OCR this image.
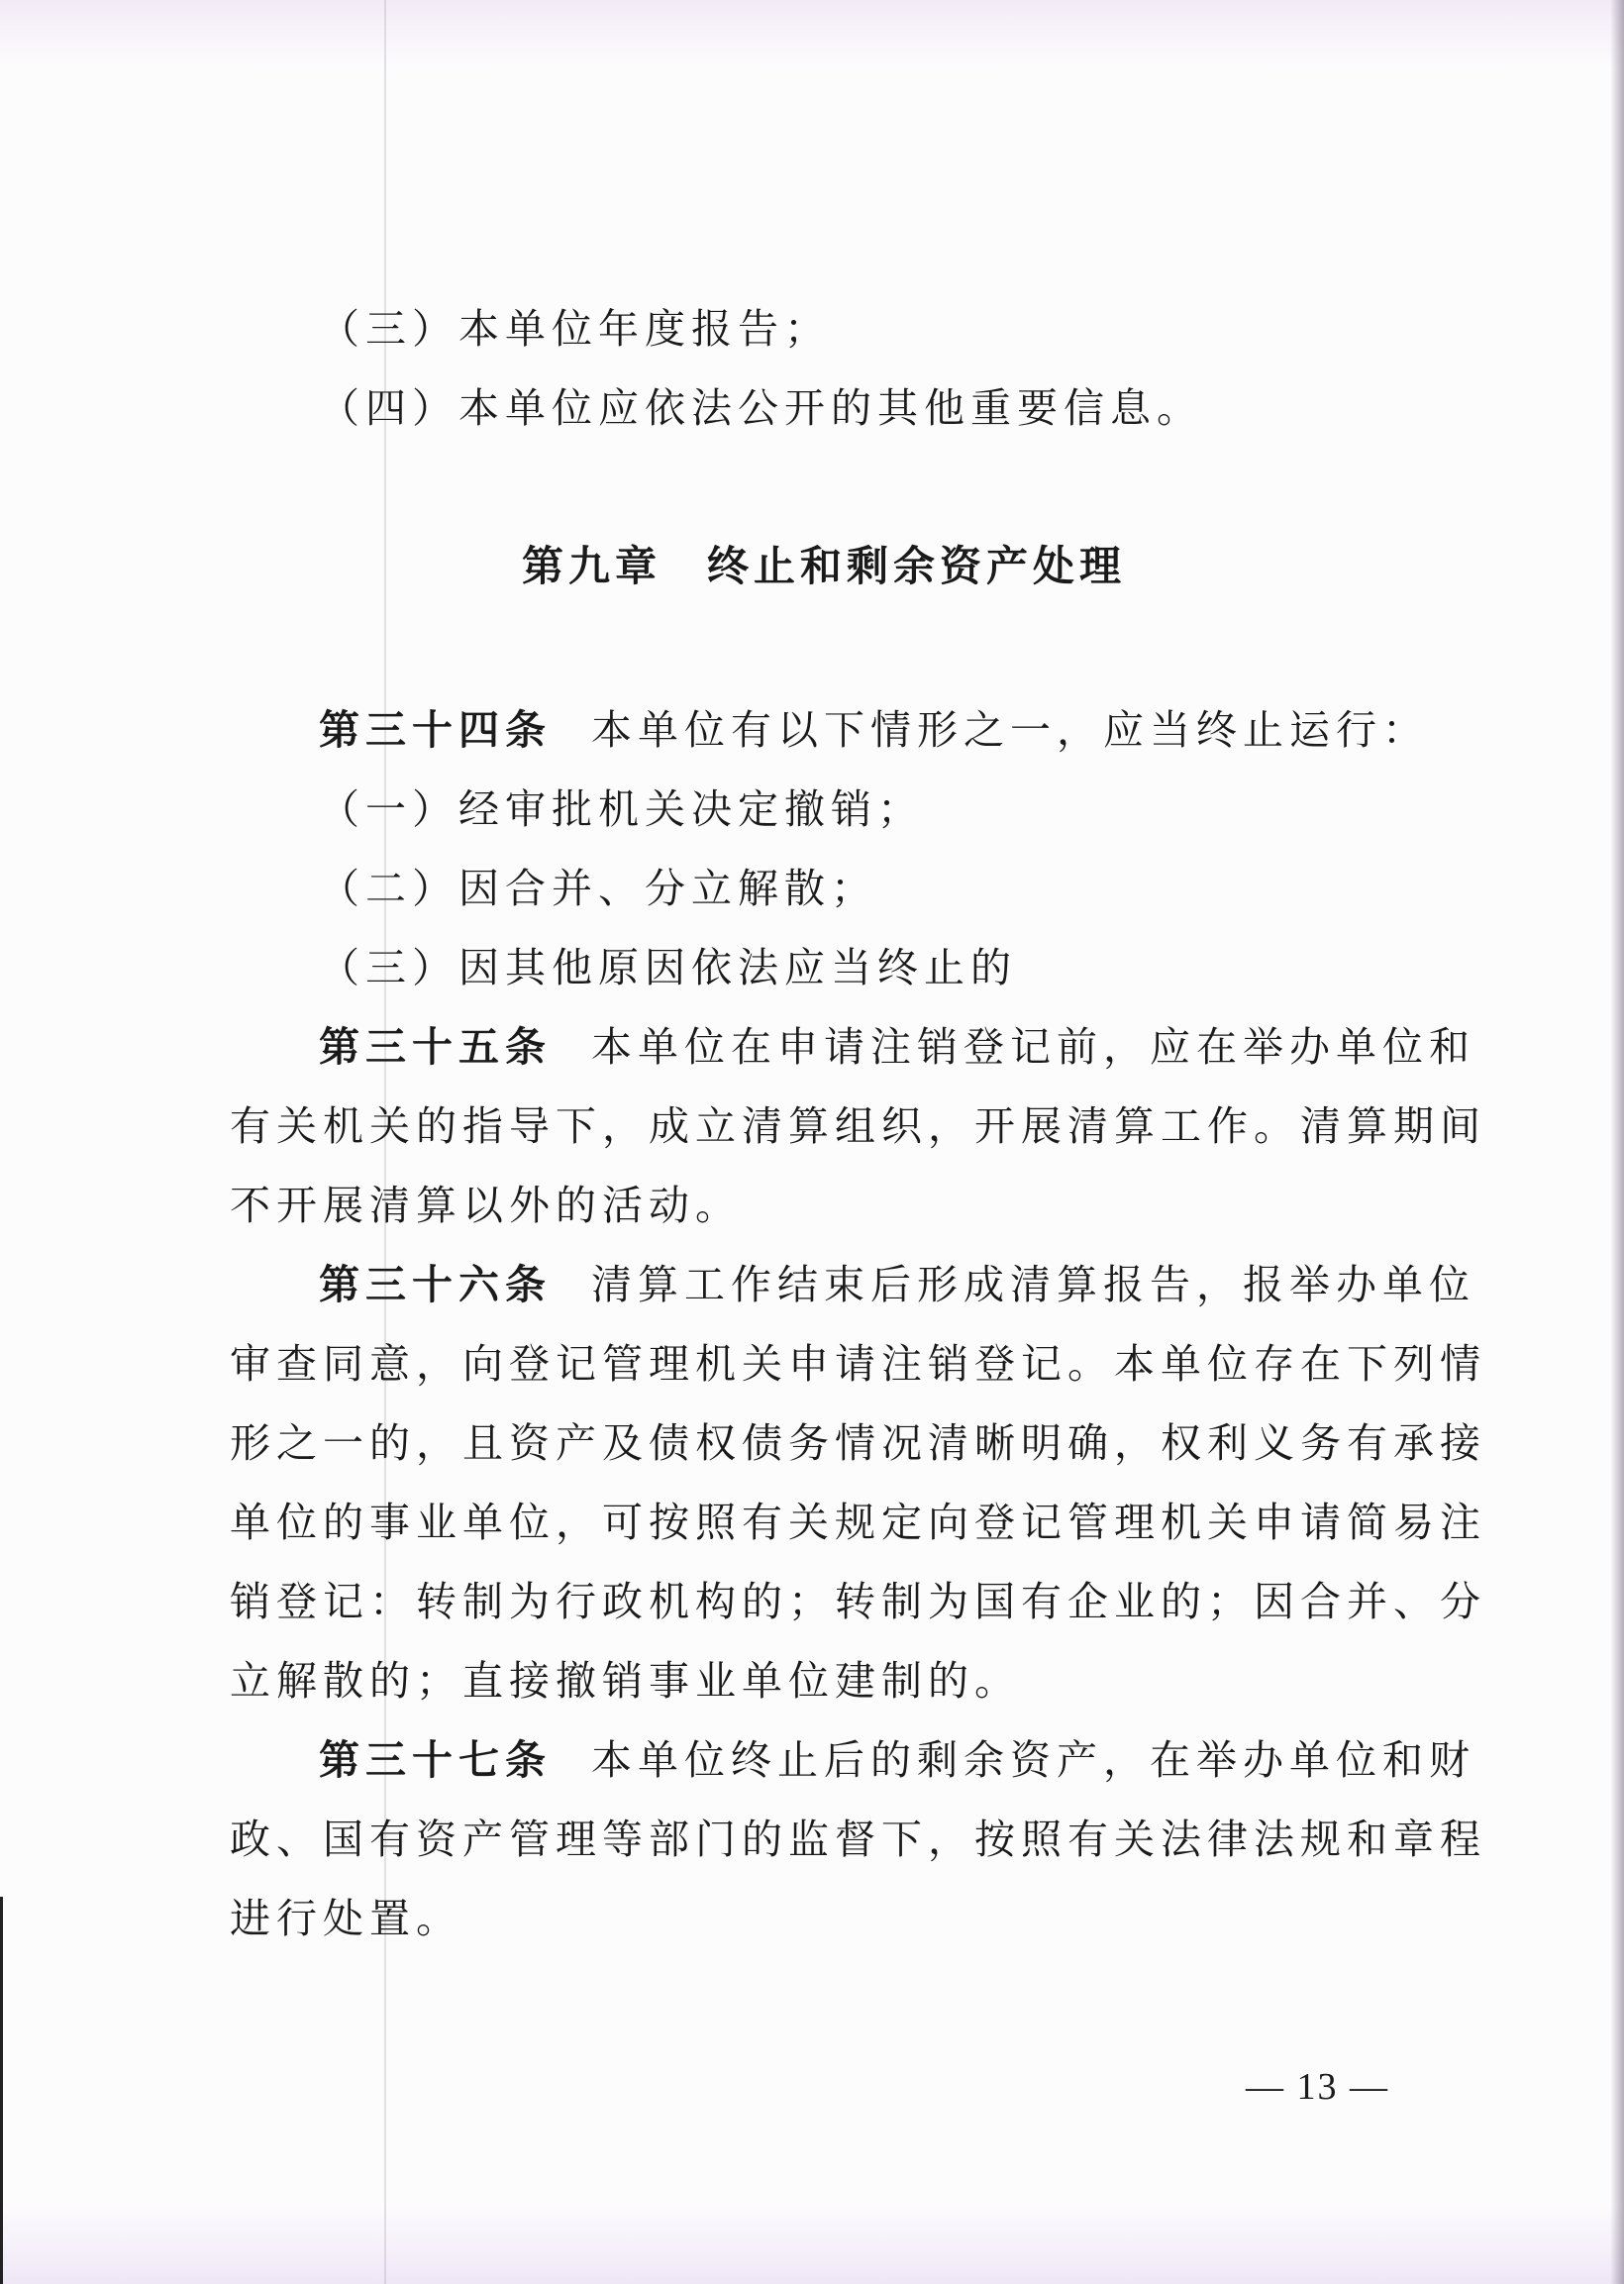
（三）本单位年度报告；
（四）本单位应依法公开的其他重要信息。
第九章 终止和剩余资产处理
第三十四条 本单位有以下情形之一，应当终止运行：
（一）经审批机关决定撤销；
（二）因合并、分立解散；
（三）因其他原因依法应当终止的
第三十五条 本单位在申请注销登记前，应在举办单位和
有关机关的指导下，成立清算组织，开展清算工作。清算期间
不开展清算以外的活动。
第三十六条 清算工作结束后形成清算报告，报举办单位
审查同意，向登记管理机关申请注销登记。本单位存在下列情
形之一的，且资产及债权债务情况清晰明确，权利义务有承接
单位的事业单位，可按照有关规定向登记管理机关申请简易注
销登记：转制为行政机构的；转制为国有企业的；因合并、分
立解散的；直接撤销事业单位建制的。
第三十七条 本单位终止后的剩余资产，在举办单位和财
政、国有资产管理等部门的监督下，按照有关法律法规和章程
进行处置。
— 13 —
